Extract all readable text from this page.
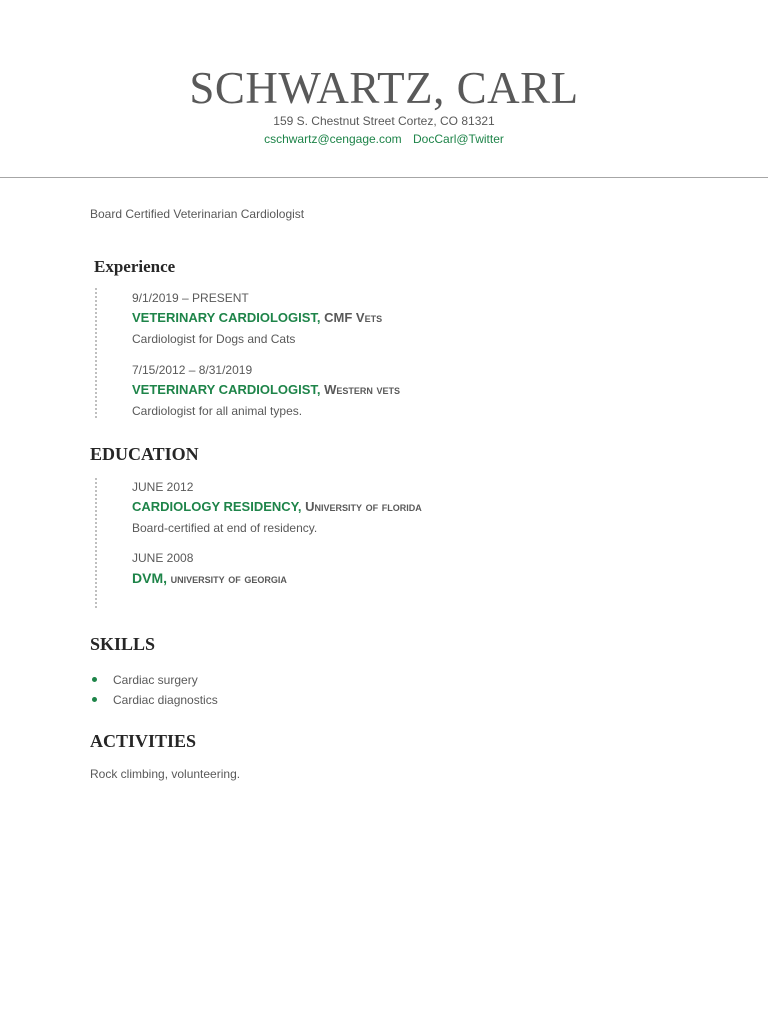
SCHWARTZ, CARL
159 S. Chestnut Street Cortez, CO 81321
cschwartz@cengage.com DocCarl@Twitter
Board Certified Veterinarian Cardiologist
Experience
9/1/2019 – PRESENT
VETERINARY CARDIOLOGIST, CMF Vets
Cardiologist for Dogs and Cats
7/15/2012 – 8/31/2019
VETERINARY CARDIOLOGIST, Western vets
Cardiologist for all animal types.
EDUCATION
JUNE 2012
CARDIOLOGY RESIDENCY, University of florida
Board-certified at end of residency.
JUNE 2008
DVM, university of georgia
SKILLS
Cardiac surgery
Cardiac diagnostics
ACTIVITIES
Rock climbing, volunteering.
